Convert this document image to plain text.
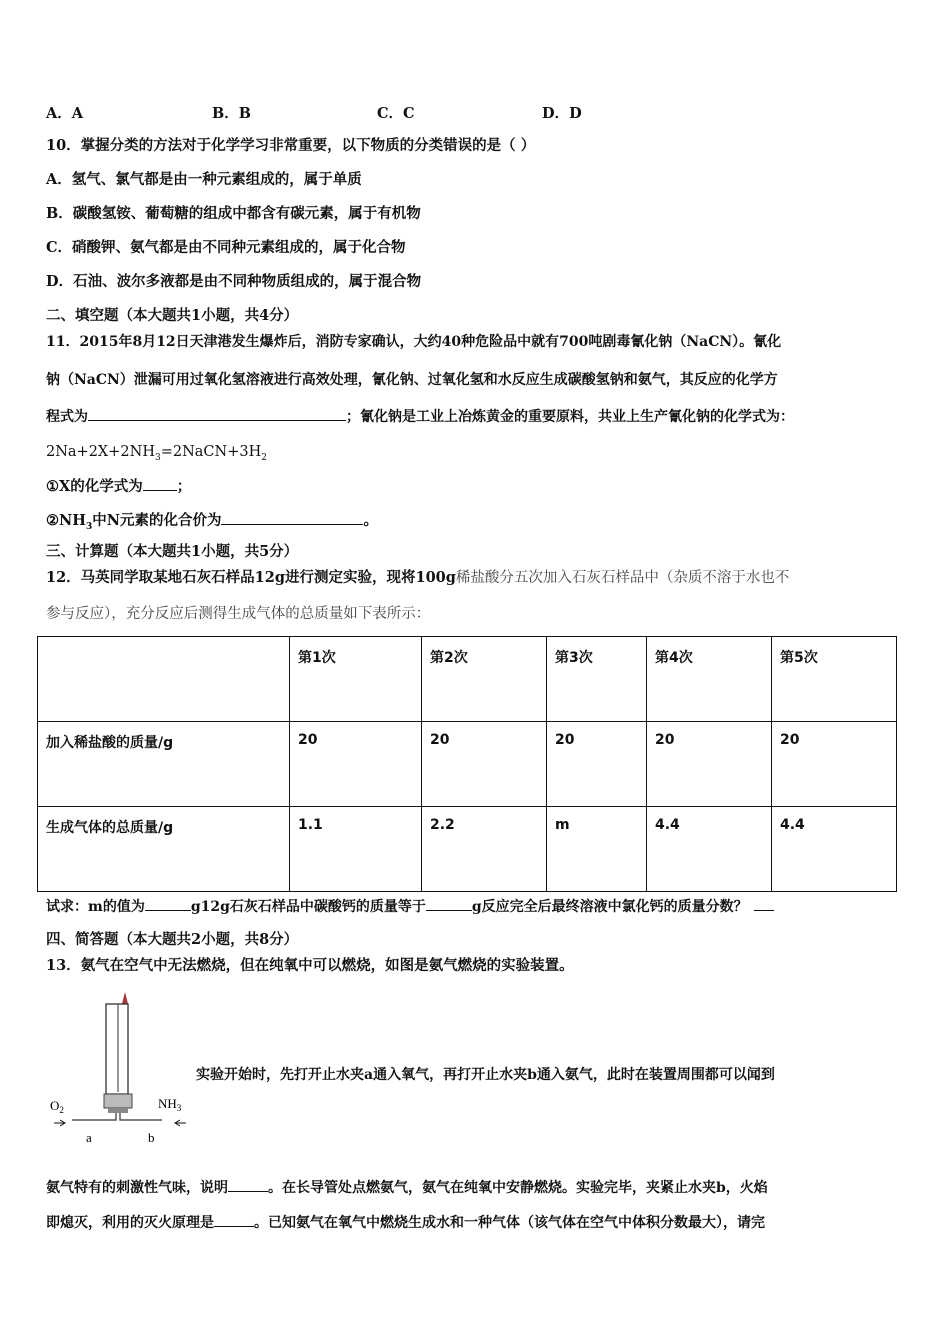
A．A	B．B	C．C	D．D
10．掌握分类的方法对于化学学习非常重要，以下物质的分类错误的是（ ）
A．氢气、氯气都是由一种元素组成的，属于单质
B．碳酸氢铵、葡萄糖的组成中都含有碳元素，属于有机物
C．硝酸钾、氨气都是由不同种元素组成的，属于化合物
D．石油、波尔多液都是由不同种物质组成的，属于混合物
二、填空题（本大题共1小题，共4分）
11．2015年8月12日天津港发生爆炸后，消防专家确认，大约40种危险品中就有700吨剧毒氰化钠（NaCN）。氰化
钠（NaCN）泄漏可用过氧化氢溶液进行高效处理，氰化钠、过氧化氢和水反应生成碳酸氢钠和氨气，其反应的化学方
程式为	；氰化钠是工业上冶炼黄金的重要原料，共业上生产氰化钠的化学式为：
$2Na+2X+2NH_3=2NaCN+3H_2$
①X的化学式为 ；
$②NH_3$中N元素的化合价为	。
三、计算题（本大题共1小题，共5分）
12．马英同学取某地石灰石样品12g进行测定实验，现将100g稀盐酸分五次加入石灰石样品中（杂质不溶于水也不
参与反应），充分反应后测得生成气体的总质量如下表所示：
	第1次	第2次	第3次	第4次	第5次
加入稀盐酸的质量/g	20	20	20	20	20
生成气体的总质量/g	1.1	2.2	m	4.4	4.4
试求：m的值为	g12g石灰石样品中碳酸钙的质量等于	g反应完全后最终溶液中氯化钙的质量分数？
四、简答题（本大题共2小题，共8分）
13．氨气在空气中无法燃烧，但在纯氧中可以燃烧，如图是氨气燃烧的实验装置。
$O_2$	$NH_3$
a	b
实验开始时，先打开止水夹a通入氧气，再打开止水夹b通入氨气，此时在装置周围都可以闻到
氨气特有的刺激性气味，说明	。在长导管处点燃氨气，氨气在纯氧中安静燃烧。实验完毕，夹紧止水夹b，火焰
即熄灭，利用的灭火原理是	。已知氨气在氧气中燃烧生成水和一种气体（该气体在空气中体积分数最大），请完
